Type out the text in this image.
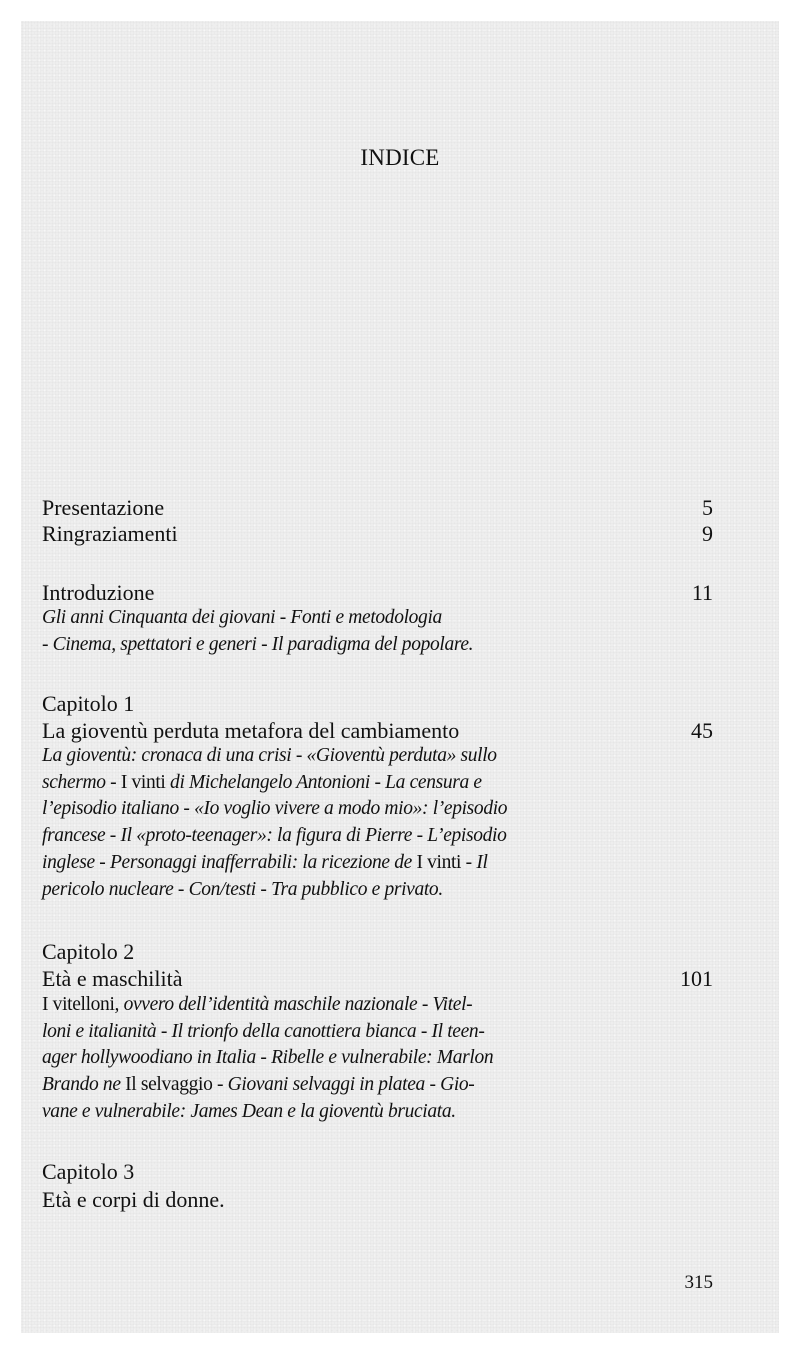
INDICE
Presentazione	5
Ringraziamenti	9
Introduzione	11
Gli anni Cinquanta dei giovani - Fonti e metodologia
- Cinema, spettatori e generi - Il paradigma del popolare.
Capitolo 1
La gioventù perduta metafora del cambiamento	45
La gioventù: cronaca di una crisi - «Gioventù perduta» sullo
schermo - I vinti di Michelangelo Antonioni - La censura e
l’episodio italiano - «Io voglio vivere a modo mio»: l’episodio
francese - Il «proto-teenager»: la figura di Pierre - L’episodio
inglese - Personaggi inafferrabili: la ricezione de I vinti - Il
pericolo nucleare - Con/testi - Tra pubblico e privato.
Capitolo 2
Età e maschilità	101
I vitelloni, ovvero dell’identità maschile nazionale - Vitel-
loni e italianità - Il trionfo della canottiera bianca - Il teen-
ager hollywoodiano in Italia - Ribelle e vulnerabile: Marlon
Brando ne Il selvaggio - Giovani selvaggi in platea - Gio-
vane e vulnerabile: James Dean e la gioventù bruciata.
Capitolo 3
Età e corpi di donne.
315
